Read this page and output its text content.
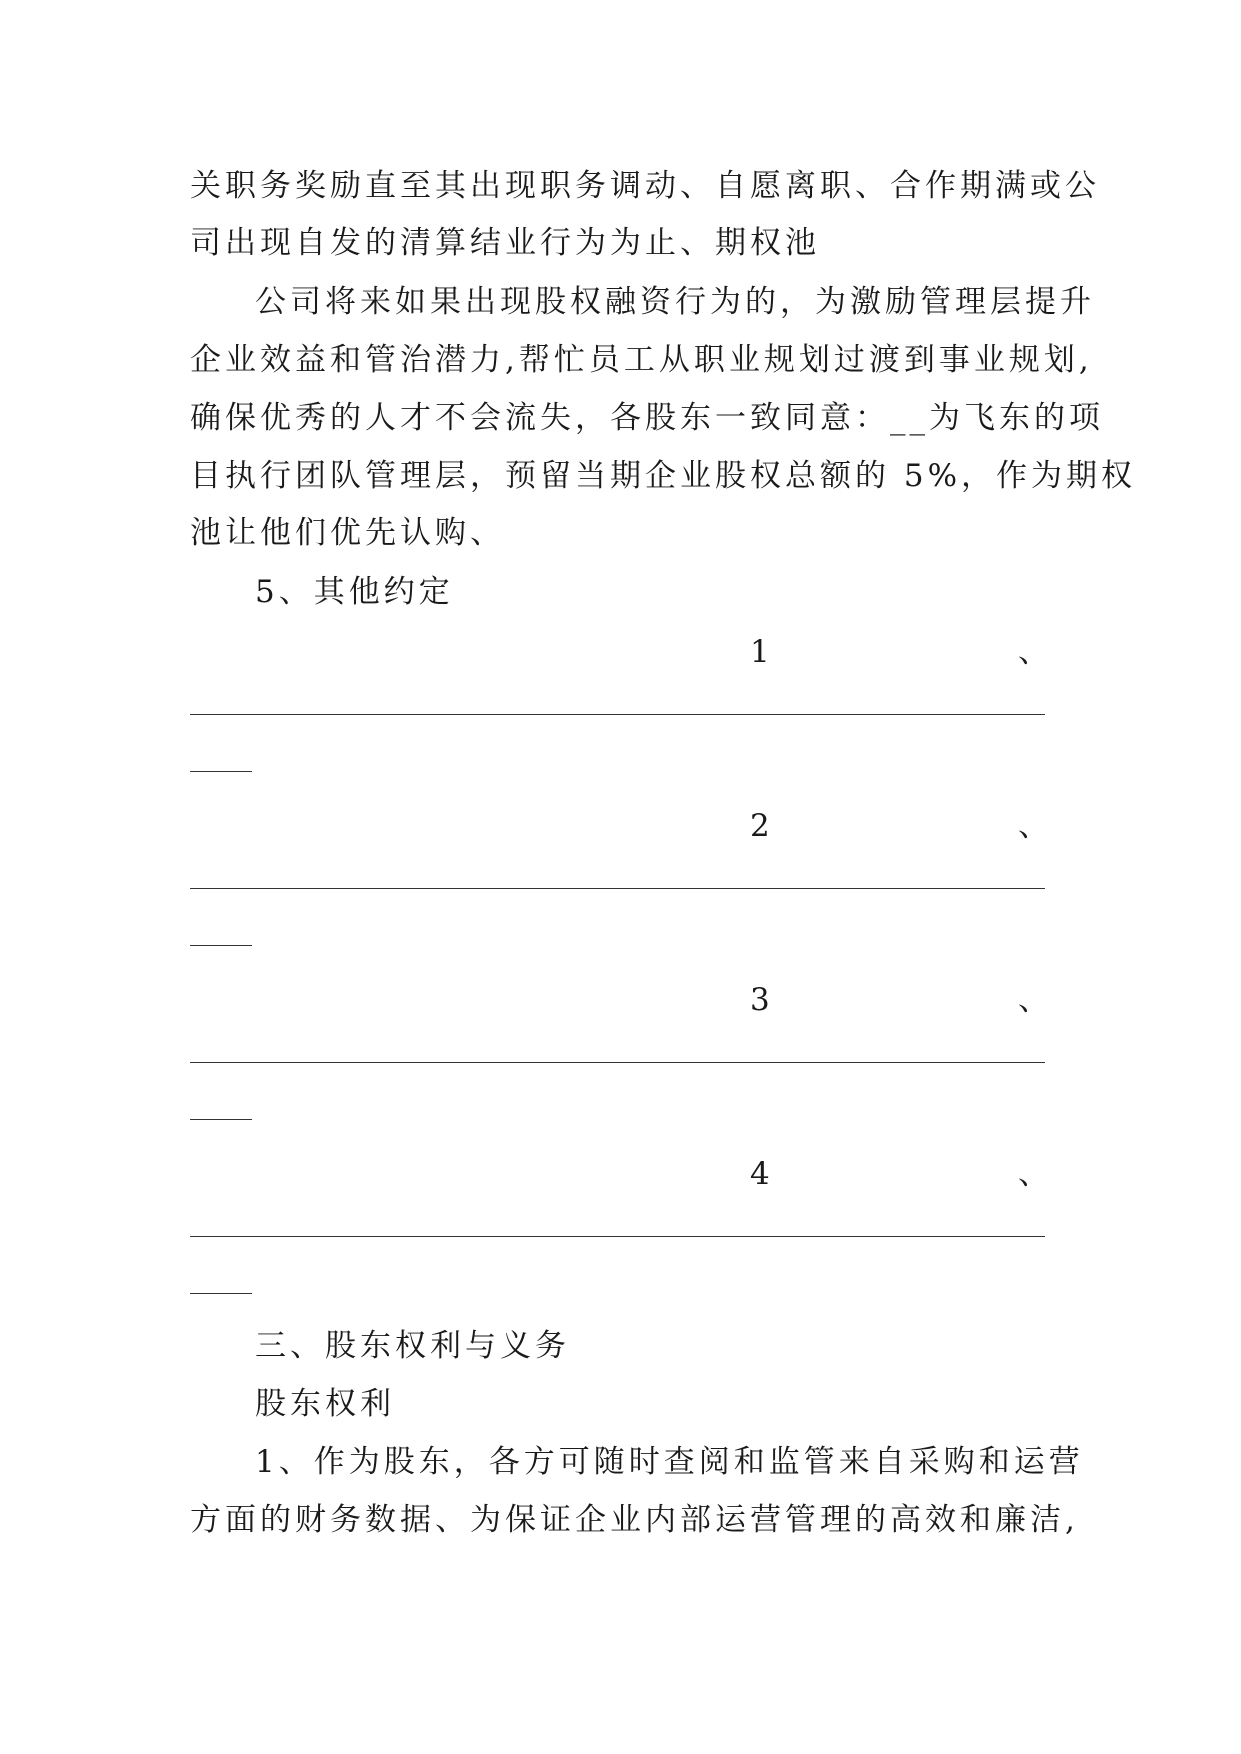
关职务奖励直至其出现职务调动、自愿离职、合作期满或公
司出现自发的清算结业行为为止、期权池
公司将来如果出现股权融资行为的，为激励管理层提升
企业效益和管治潜力,帮忙员工从职业规划过渡到事业规划,
确保优秀的人才不会流失，各股东一致同意：__为飞东的项
目执行团队管理层，预留当期企业股权总额的 5%，作为期权
池让他们优先认购、
5、其他约定
1	、
2	、
3	、
4	、
三、股东权利与义务
股东权利
1、作为股东，各方可随时查阅和监管来自采购和运营
方面的财务数据、为保证企业内部运营管理的高效和廉洁,
